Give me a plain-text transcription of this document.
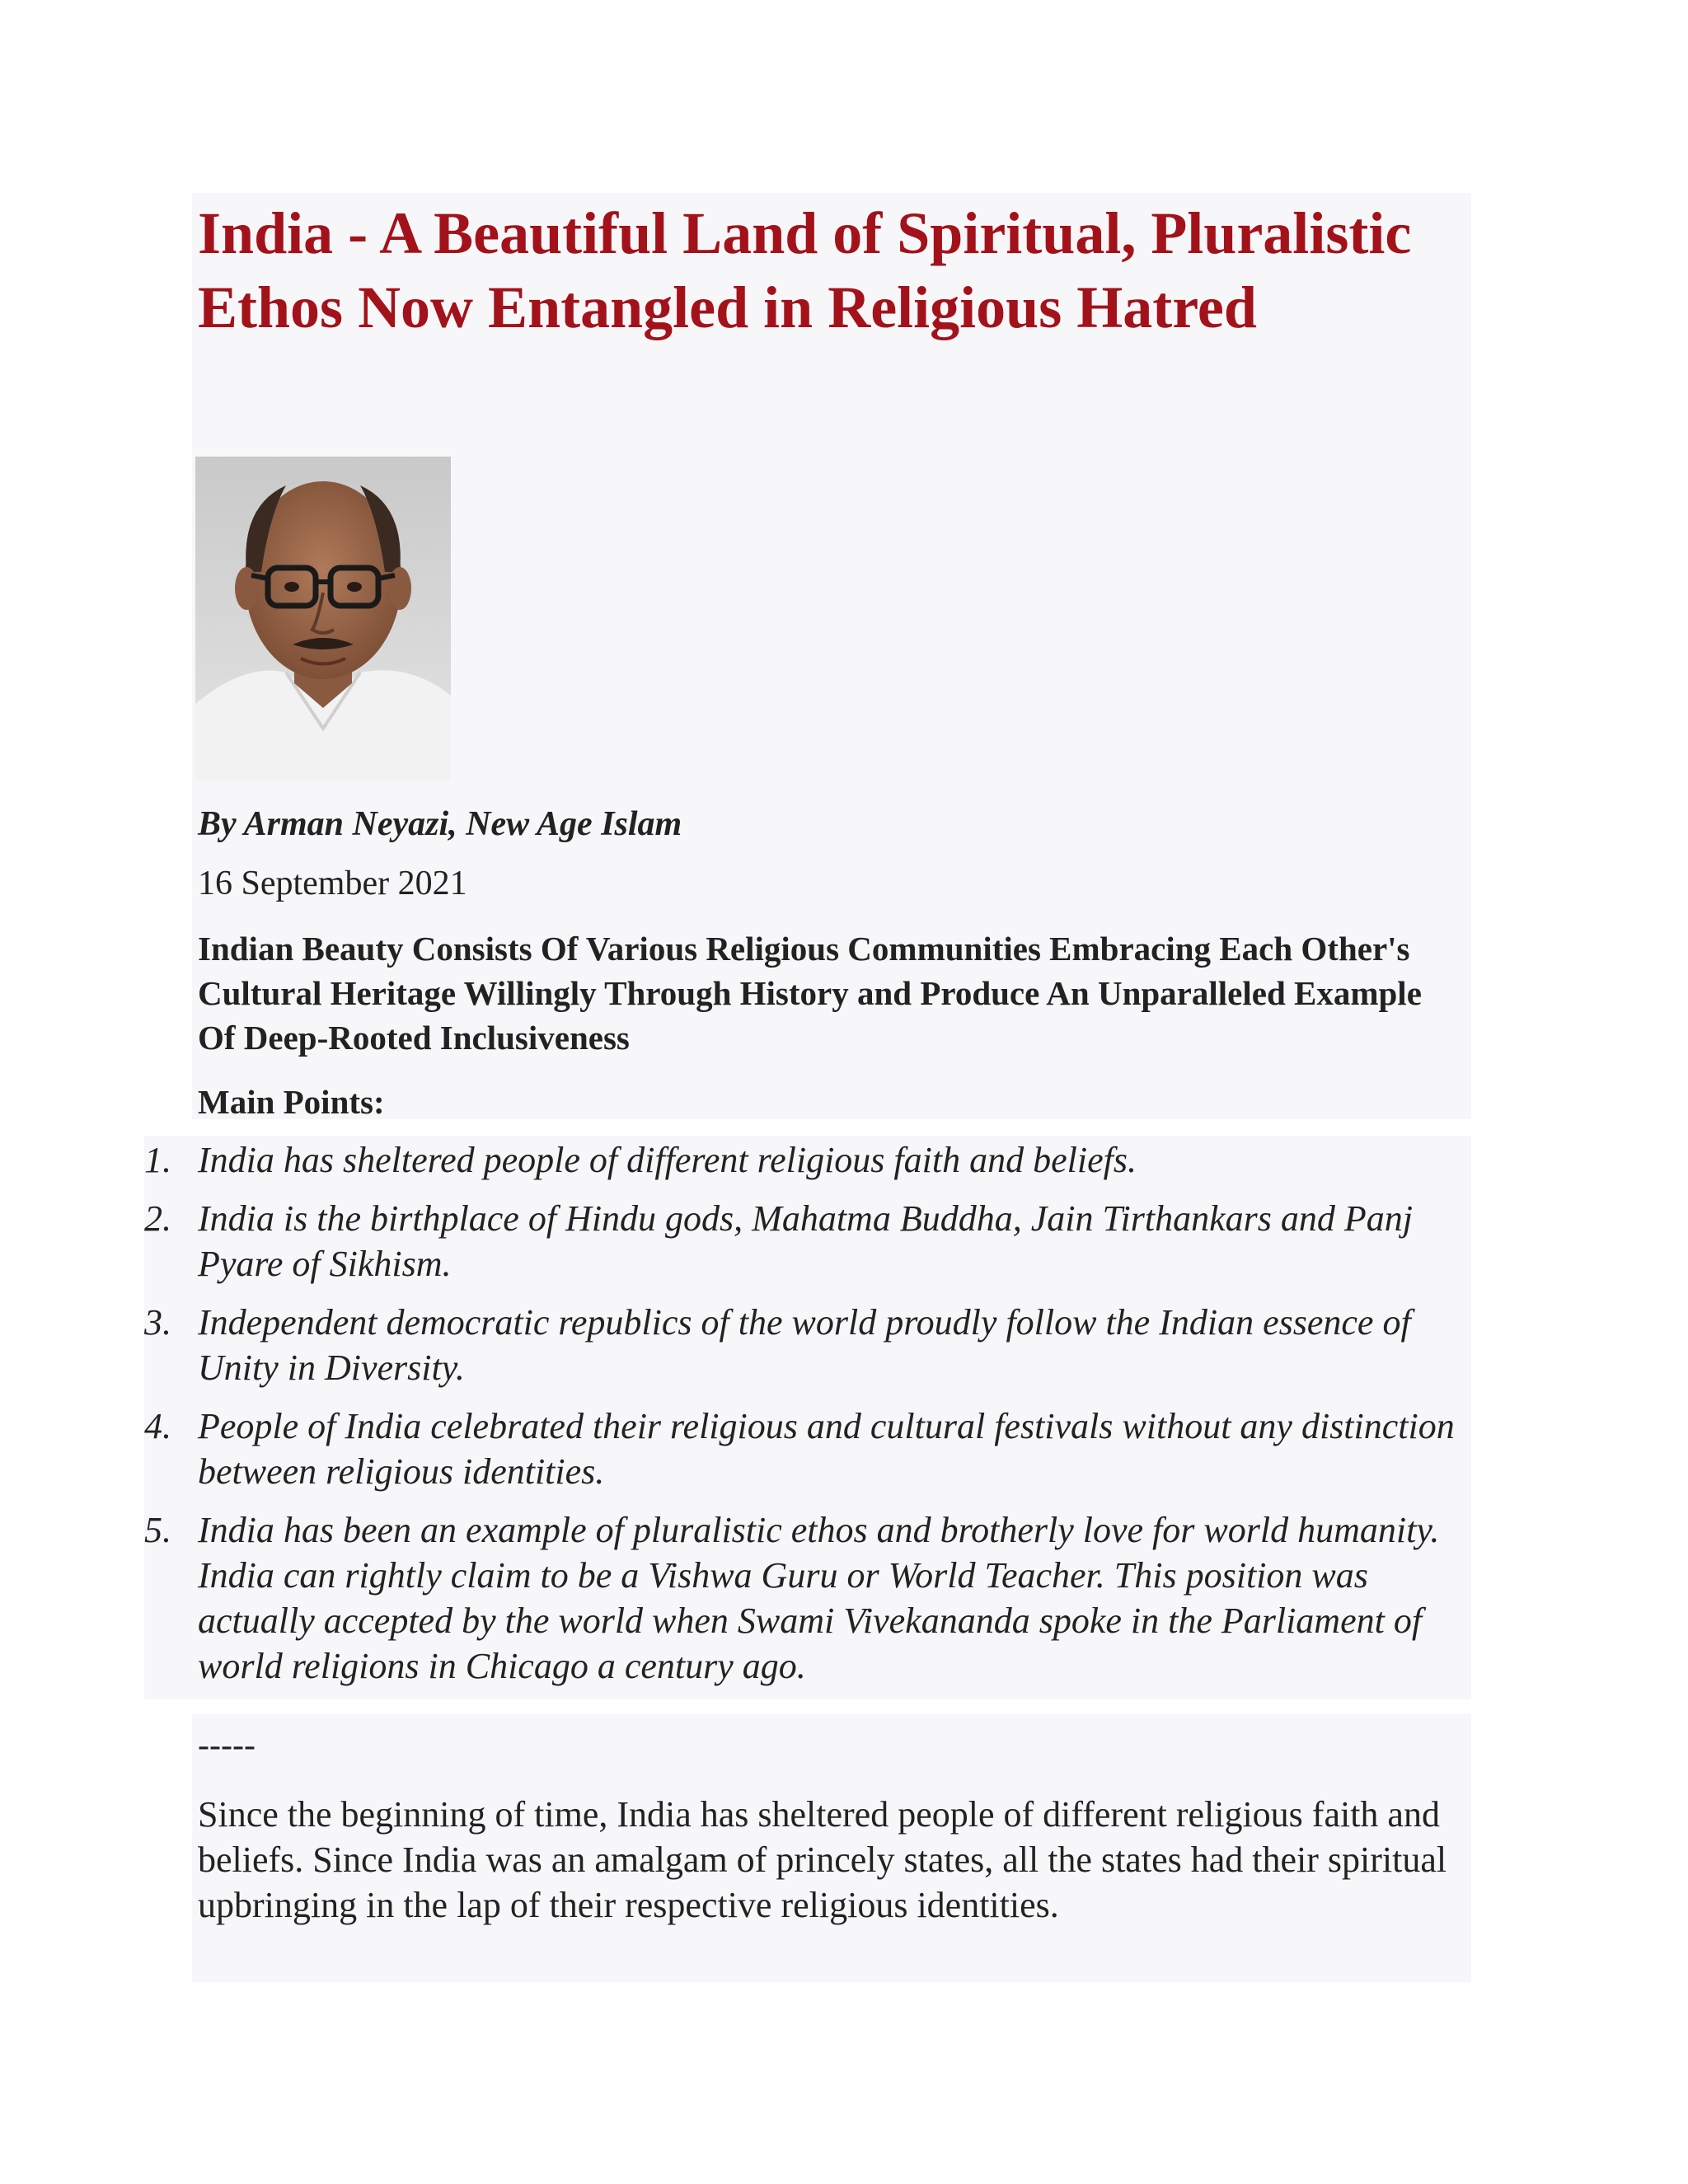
India - A Beautiful Land of Spiritual, Pluralistic Ethos Now Entangled in Religious Hatred

By Arman Neyazi, New Age Islam

16 September 2021

Indian Beauty Consists Of Various Religious Communities Embracing Each Other's Cultural Heritage Willingly Through History and Produce An Unparalleled Example Of Deep-Rooted Inclusiveness

Main Points:

1. India has sheltered people of different religious faith and beliefs.
2. India is the birthplace of Hindu gods, Mahatma Buddha, Jain Tirthankars and Panj Pyare of Sikhism.
3. Independent democratic republics of the world proudly follow the Indian essence of Unity in Diversity.
4. People of India celebrated their religious and cultural festivals without any distinction between religious identities.
5. India has been an example of pluralistic ethos and brotherly love for world humanity. India can rightly claim to be a Vishwa Guru or World Teacher. This position was actually accepted by the world when Swami Vivekananda spoke in the Parliament of world religions in Chicago a century ago.

-----

Since the beginning of time, India has sheltered people of different religious faith and beliefs. Since India was an amalgam of princely states, all the states had their spiritual upbringing in the lap of their respective religious identities.
